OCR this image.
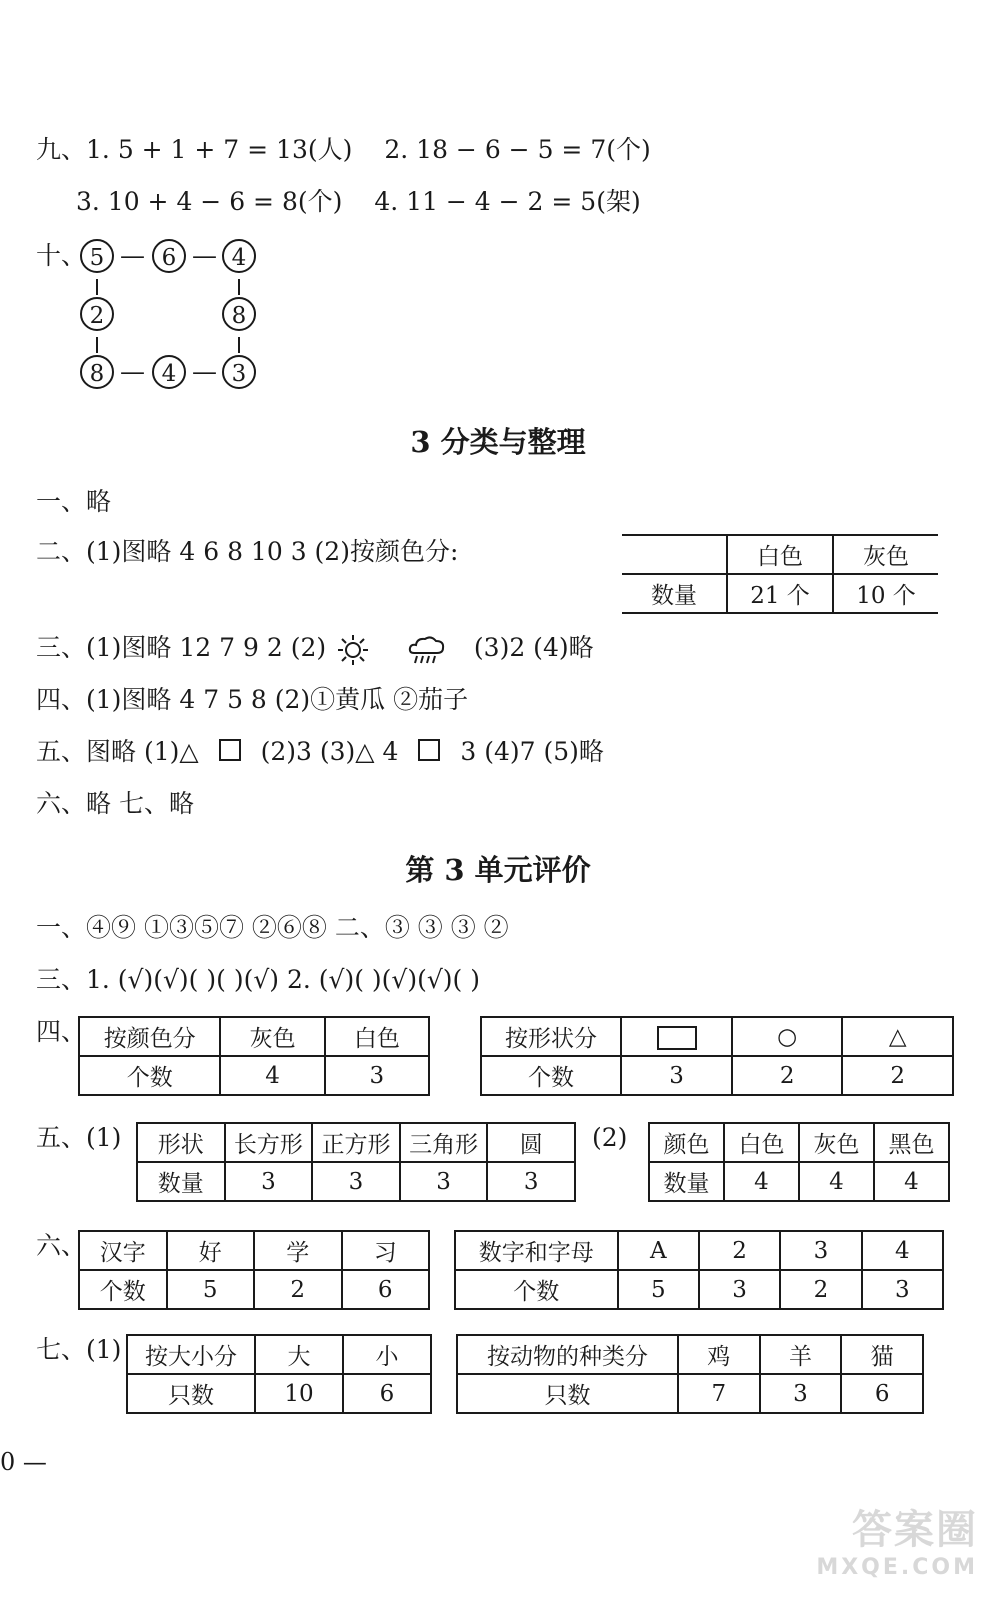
九、1. 5 + 1 + 7 = 13(人) 2. 18 − 6 − 5 = 7(个)
3. 10 + 4 − 6 = 8(个) 4. 11 − 4 − 2 = 5(架)
十、 5 — 6 — 4
2	8
8 — 4 — 3
3 分类与整理
一、略
二、(1)图略 4 6 8 10 3 (2)按颜色分:
		白色	灰色
数量	21 个	10 个
三、(1)图略 12 7 9 2 (2)	(3)2 (4)略
四、(1)图略 4 7 5 8 (2)①黄瓜 ②茄子
五、图略 (1)△ (2)3 (3)△ 4 3 (4)7 (5)略
六、略 七、略
第 3 单元评价
一、④⑨ ①③⑤⑦ ②⑥⑧ 二、③ ③ ③ ②
三、1. (√)(√)( )( )(√) 2. (√)( )(√)(√)( )
四、 按颜色分	灰色	白色
个数	4	3
按形状分		○	△
个数	3	2	2
五、(1) 形状	长方形	正方形	三角形	圆
数量	3	3	3	3
(2) 颜色	白色	灰色	黑色
数量	4	4	4
六、 汉字	好	学	习
个数	5	2	6
数字和字母	A	2	3	4
个数	5	3	2	3
七、(1) 按大小分	大	小
只数	10	6
按动物的种类分	鸡	羊	猫
只数	7	3	6
0 —
答案圈
MXQE.COM
